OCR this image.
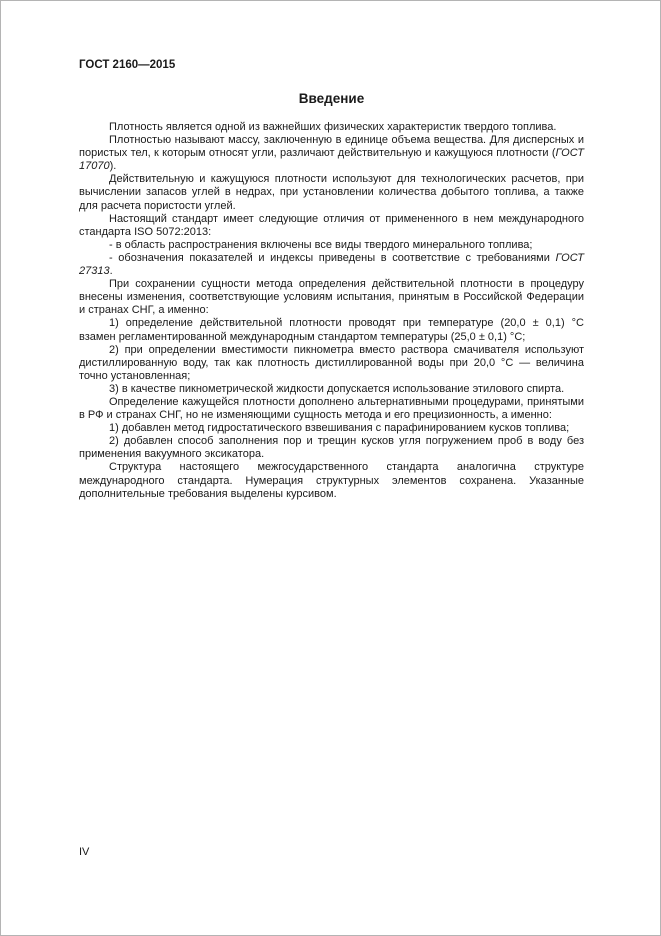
ГОСТ 2160—2015
Введение

Плотность является одной из важнейших физических характеристик твердого топлива.

Плотностью называют массу, заключенную в единице объема вещества. Для дисперсных и пористых тел, к которым относят угли, различают действительную и кажущуюся плотности (ГОСТ 17070).

Действительную и кажущуюся плотности используют для технологических расчетов, при вычислении запасов углей в недрах, при установлении количества добытого топлива, а также для расчета пористости углей.

Настоящий стандарт имеет следующие отличия от примененного в нем международного стандарта ISO 5072:2013:

- в область распространения включены все виды твердого минерального топлива;

- обозначения показателей и индексы приведены в соответствие с требованиями ГОСТ 27313.

При сохранении сущности метода определения действительной плотности в процедуру внесены изменения, соответствующие условиям испытания, принятым в Российской Федерации и странах СНГ, а именно:

1) определение действительной плотности проводят при температуре (20,0 ± 0,1) °С взамен регламентированной международным стандартом температуры (25,0 ± 0,1) °С;

2) при определении вместимости пикнометра вместо раствора смачивателя используют дистиллированную воду, так как плотность дистиллированной воды при 20,0 °С — величина точно установленная;

3) в качестве пикнометрической жидкости допускается использование этилового спирта.

Определение кажущейся плотности дополнено альтернативными процедурами, принятыми в РФ и странах СНГ, но не изменяющими сущность метода и его прецизионность, а именно:

1) добавлен метод гидростатического взвешивания с парафинированием кусков топлива;

2) добавлен способ заполнения пор и трещин кусков угля погружением проб в воду без применения вакуумного эксикатора.

Структура настоящего межгосударственного стандарта аналогична структуре международного стандарта. Нумерация структурных элементов сохранена. Указанные дополнительные требования выделены курсивом.

IV
